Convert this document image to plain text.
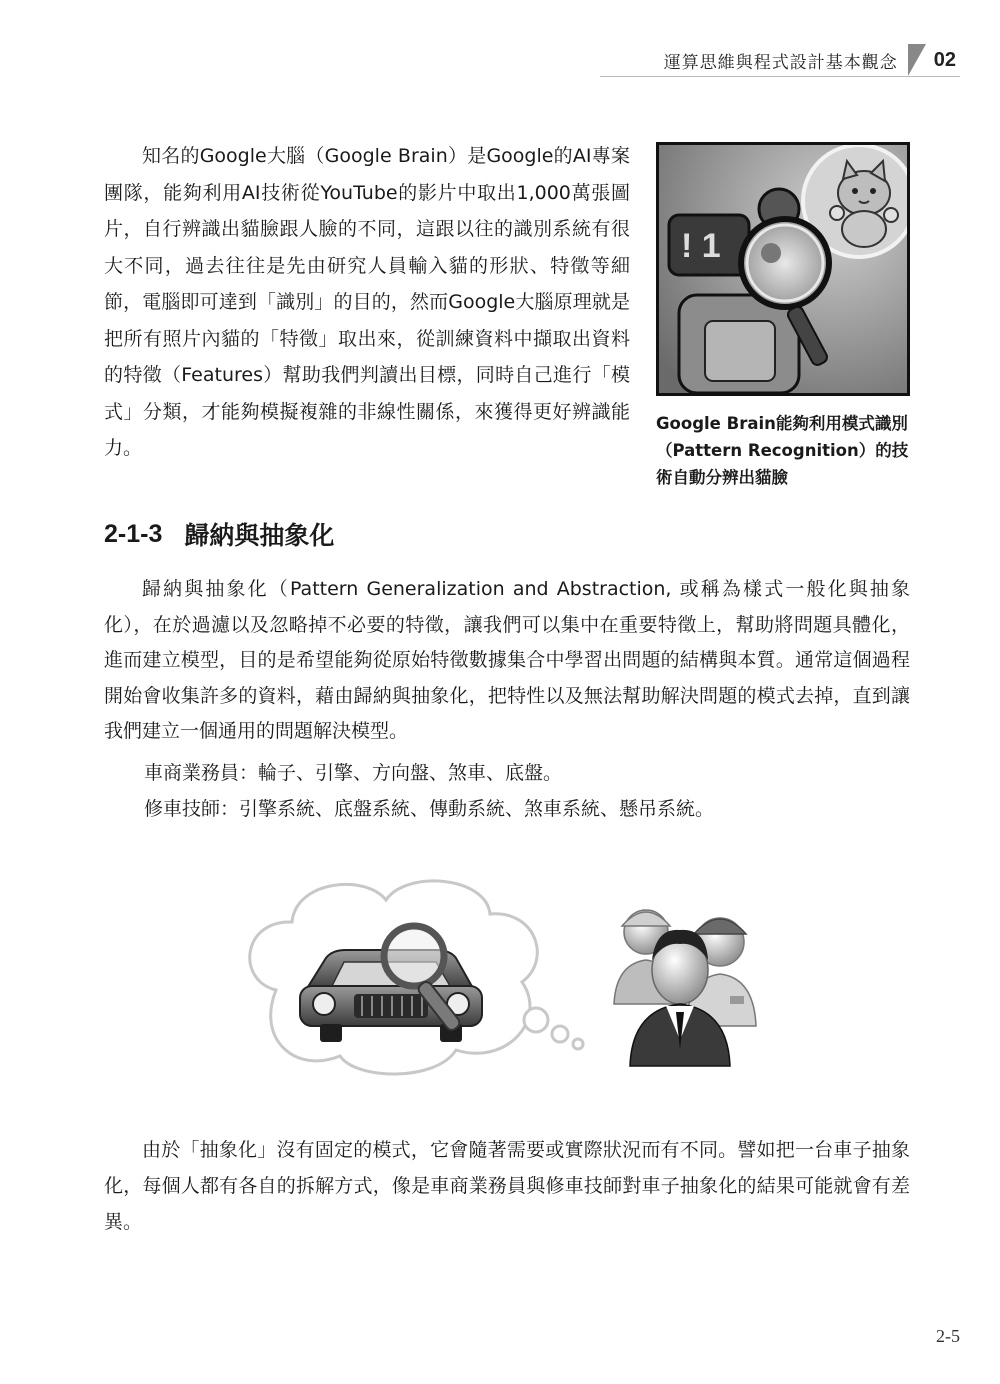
運算思維與程式設計基本觀念 02

知名的Google大腦（Google Brain）是Google的AI專案團隊，能夠利用AI技術從YouTube的影片中取出1,000萬張圖片，自行辨識出貓臉跟人臉的不同，這跟以往的識別系統有很大不同，過去往往是先由研究人員輸入貓的形狀、特徵等細節，電腦即可達到「識別」的目的，然而Google大腦原理就是把所有照片內貓的「特徵」取出來，從訓練資料中擷取出資料的特徵（Features）幫助我們判讀出目標，同時自己進行「模式」分類，才能夠模擬複雜的非線性關係，來獲得更好辨識能力。

! 1

Google Brain能夠利用模式識別（Pattern Recognition）的技術自動分辨出貓臉

2-1-3 歸納與抽象化

歸納與抽象化（Pattern Generalization and Abstraction, 或稱為樣式一般化與抽象化），在於過濾以及忽略掉不必要的特徵，讓我們可以集中在重要特徵上，幫助將問題具體化，進而建立模型，目的是希望能夠從原始特徵數據集合中學習出問題的結構與本質。通常這個過程開始會收集許多的資料，藉由歸納與抽象化，把特性以及無法幫助解決問題的模式去掉，直到讓我們建立一個通用的問題解決模型。

車商業務員：輪子、引擎、方向盤、煞車、底盤。

修車技師：引擎系統、底盤系統、傳動系統、煞車系統、懸吊系統。

由於「抽象化」沒有固定的模式，它會隨著需要或實際狀況而有不同。譬如把一台車子抽象化，每個人都有各自的拆解方式，像是車商業務員與修車技師對車子抽象化的結果可能就會有差異。

2-5
